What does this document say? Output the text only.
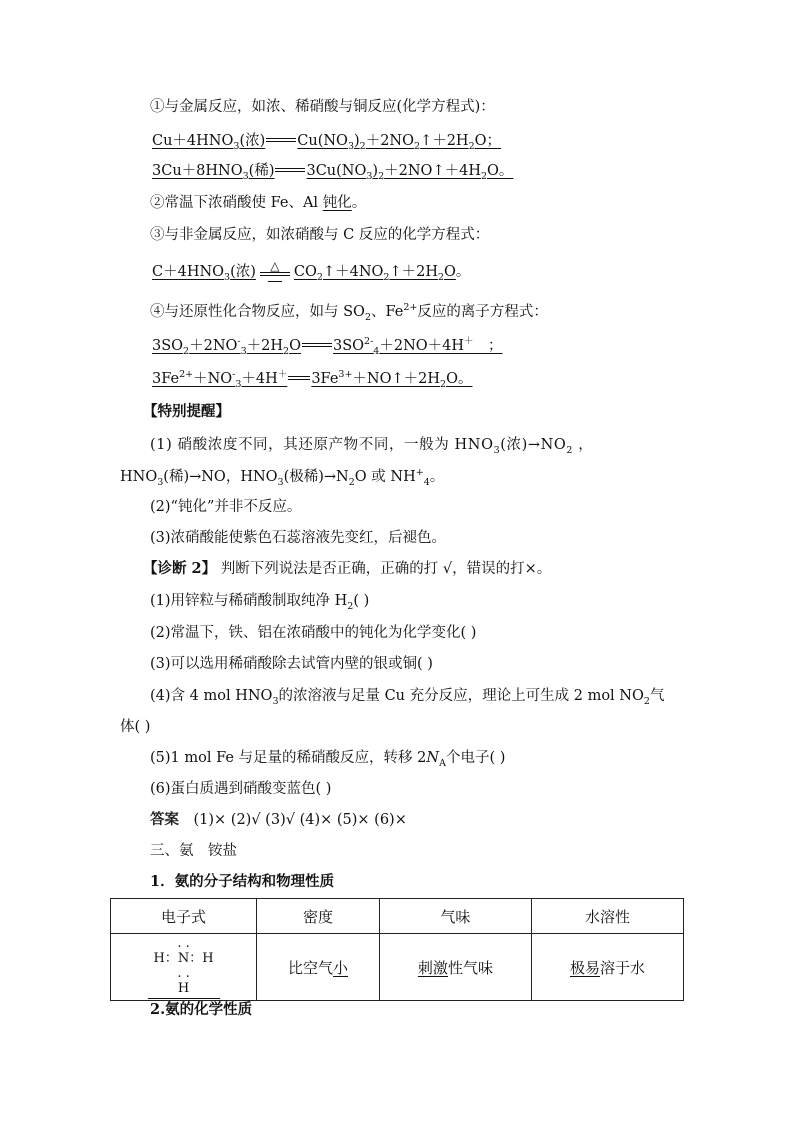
①与金属反应，如浓、稀硝酸与铜反应(化学方程式)：
$Cu+4HNO_3$(浓) $Cu(NO_3)_2+2NO_2↑+2H_2O$；
$3Cu+8HNO_3$(稀) $3Cu(NO_3)_2+2NO↑+4H_2O$。
②常温下浓硝酸使 Fe、Al 钝化。
③与非金属反应，如浓硝酸与 C 反应的化学方程式：
$C+4HNO_3$(浓)	△ $CO_2↑+4NO_2↑+2H_2O$。
④与还原性化合物反应，如与 $SO_2$、$Fe^{2+}$反应的离子方程式：
$3SO_2+2NO^-_3+2H_2O$ $3SO^{2-}_4+2NO+4H^+$　；
$3Fe^{2+}+NO^-_3+4H^+$ $3Fe^{3+}+NO↑+2H_2O$。
【特别提醒】
(1) 硝酸浓度不同，其还原产物不同，一般为 $HNO_3$(浓)$\to NO_2$ ，
$HNO_3$(稀)→NO，$HNO_3$(极稀)$\to N_2O$ 或 $NH^+_4$。
(2)“钝化”并非不反应。
(3)浓硝酸能使紫色石蕊溶液先变红，后褪色。
【诊断 2】 判断下列说法是否正确，正确的打 √，错误的打×。
(1)用锌粒与稀硝酸制取纯净 $H_2$( )
(2)常温下，铁、铝在浓硝酸中的钝化为化学变化( )
(3)可以选用稀硝酸除去试管内壁的银或铜( )
(4)含 4 mol $HNO_3$的浓溶液与足量 Cu 充分反应，理论上可生成 2 mol $NO_2$气
体( )
(5)1 mol Fe 与足量的稀硝酸反应，转移 $2N_A$个电子( )
(6)蛋白质遇到硝酸变蓝色( )
答案　 (1)× (2)√ (3)√ (4)× (5)× (6)×
三、氨　铵盐
1．氨的分子结构和物理性质
电子式	密度	气味	水溶性

. .
H：N：H
. .
H	比空气小	刺激性气味	极易溶于水
2.氨的化学性质
